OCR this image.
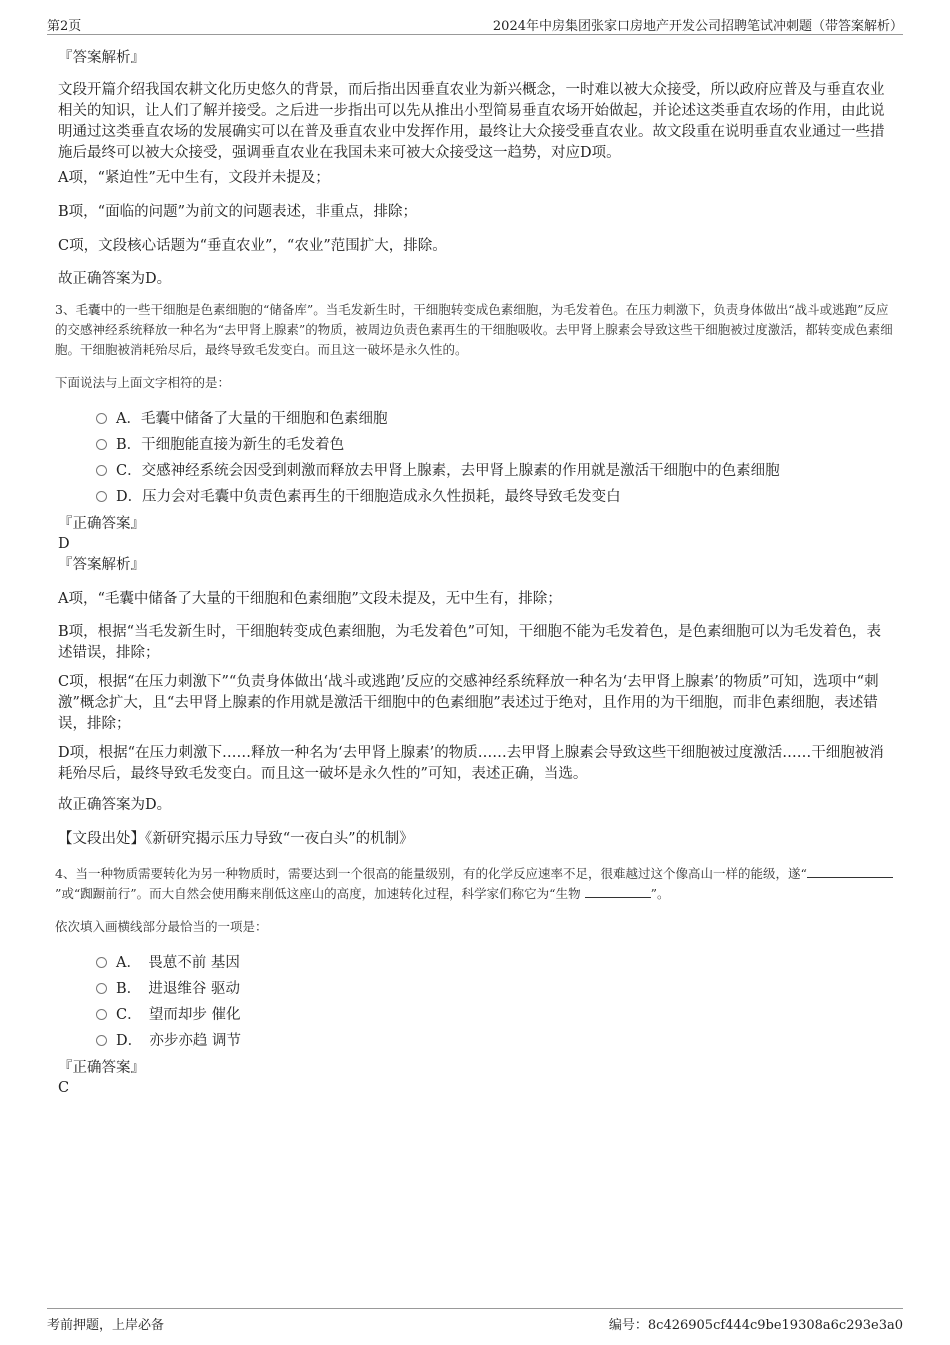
第2页	2024年中房集团张家口房地产开发公司招聘笔试冲刺题（带答案解析）
『答案解析』
文段开篇介绍我国农耕文化历史悠久的背景，而后指出因垂直农业为新兴概念，一时难以被大众接受，所以政府应普及与垂直农业相关的知识，让人们了解并接受。之后进一步指出可以先从推出小型简易垂直农场开始做起，并论述这类垂直农场的作用，由此说明通过这类垂直农场的发展确实可以在普及垂直农业中发挥作用，最终让大众接受垂直农业。故文段重在说明垂直农业通过一些措施后最终可以被大众接受，强调垂直农业在我国未来可被大众接受这一趋势，对应D项。
A项，“紧迫性”无中生有，文段并未提及；
B项，“面临的问题”为前文的问题表述，非重点，排除；
C项，文段核心话题为“垂直农业”，“农业”范围扩大，排除。
故正确答案为D。
3、毛囊中的一些干细胞是色素细胞的“储备库”。当毛发新生时，干细胞转变成色素细胞，为毛发着色。在压力刺激下，负责身体做出“战斗或逃跑”反应的交感神经系统释放一种名为“去甲肾上腺素”的物质，被周边负责色素再生的干细胞吸收。去甲肾上腺素会导致这些干细胞被过度激活，都转变成色素细胞。干细胞被消耗殆尽后，最终导致毛发变白。而且这一破坏是永久性的。
下面说法与上面文字相符的是：
A．毛囊中储备了大量的干细胞和色素细胞
B．干细胞能直接为新生的毛发着色
C．交感神经系统会因受到刺激而释放去甲肾上腺素，去甲肾上腺素的作用就是激活干细胞中的色素细胞
D．压力会对毛囊中负责色素再生的干细胞造成永久性损耗，最终导致毛发变白
『正确答案』
D
『答案解析』
A项，“毛囊中储备了大量的干细胞和色素细胞”文段未提及，无中生有，排除；
B项，根据“当毛发新生时，干细胞转变成色素细胞，为毛发着色”可知，干细胞不能为毛发着色，是色素细胞可以为毛发着色，表述错误，排除；
C项，根据“在压力刺激下”“负责身体做出‘战斗或逃跑’反应的交感神经系统释放一种名为‘去甲肾上腺素’的物质”可知，选项中“刺激”概念扩大，且“去甲肾上腺素的作用就是激活干细胞中的色素细胞”表述过于绝对，且作用的为干细胞，而非色素细胞，表述错误，排除；
D项，根据“在压力刺激下……释放一种名为‘去甲肾上腺素’的物质……去甲肾上腺素会导致这些干细胞被过度激活……干细胞被消耗殆尽后，最终导致毛发变白。而且这一破坏是永久性的”可知，表述正确，当选。
故正确答案为D。
【文段出处】《新研究揭示压力导致“一夜白头”的机制》
4、当一种物质需要转化为另一种物质时，需要达到一个很高的能量级别，有的化学反应速率不足，很难越过这个像高山一样的能级，遂“”或“踟蹰前行”。而大自然会使用酶来削低这座山的高度，加速转化过程，科学家们称它为“生物	”。
依次填入画横线部分最恰当的一项是：
A．　畏葸不前 基因
B．　进退维谷 驱动
C．　望而却步 催化
D．　亦步亦趋 调节
『正确答案』
C
考前押题，上岸必备	编号：8c426905cf444c9be19308a6c293e3a0
